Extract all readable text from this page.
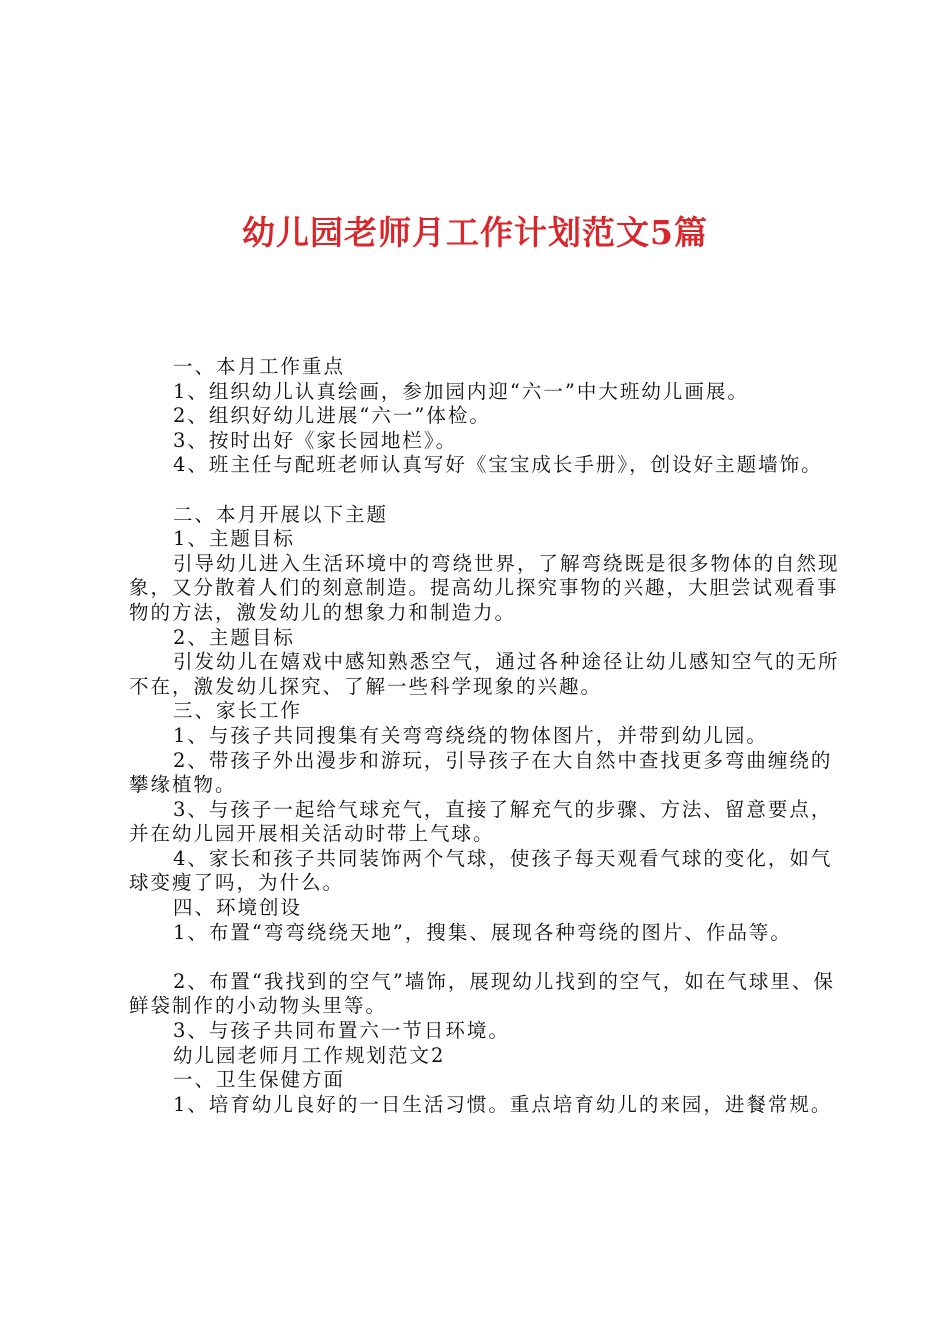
幼儿园老师月工作计划范文5篇

一、本月工作重点

1、组织幼儿认真绘画，参加园内迎“六一”中大班幼儿画展。

2、组织好幼儿进展“六一”体检。

3、按时出好《家长园地栏》。

4、班主任与配班老师认真写好《宝宝成长手册》，创设好主题墙饰。

二、本月开展以下主题

1、主题目标

引导幼儿进入生活环境中的弯绕世界，了解弯绕既是很多物体的自然现象，又分散着人们的刻意制造。提高幼儿探究事物的兴趣，大胆尝试观看事物的方法，激发幼儿的想象力和制造力。

2、主题目标

引发幼儿在嬉戏中感知熟悉空气，通过各种途径让幼儿感知空气的无所不在，激发幼儿探究、了解一些科学现象的兴趣。

三、家长工作

1、与孩子共同搜集有关弯弯绕绕的物体图片，并带到幼儿园。

2、带孩子外出漫步和游玩，引导孩子在大自然中查找更多弯曲缠绕的攀缘植物。

3、与孩子一起给气球充气，直接了解充气的步骤、方法、留意要点，并在幼儿园开展相关活动时带上气球。

4、家长和孩子共同装饰两个气球，使孩子每天观看气球的变化，如气球变瘦了吗，为什么。

四、环境创设

1、布置“弯弯绕绕天地”，搜集、展现各种弯绕的图片、作品等。

2、布置“我找到的空气”墙饰，展现幼儿找到的空气，如在气球里、保鲜袋制作的小动物头里等。

3、与孩子共同布置六一节日环境。

幼儿园老师月工作规划范文2

一、卫生保健方面

1、培育幼儿良好的一日生活习惯。重点培育幼儿的来园，进餐常规。
